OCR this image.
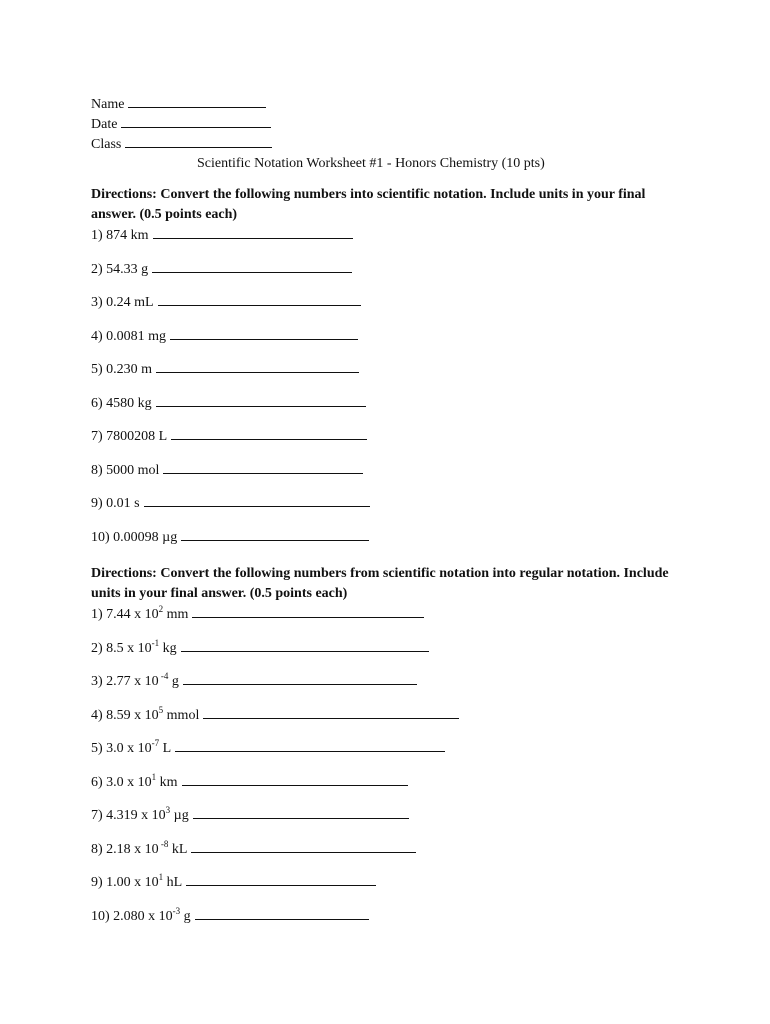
Name
Date
Class
Scientific Notation Worksheet #1 - Honors Chemistry (10 pts)
Directions: Convert the following numbers into scientific notation. Include units in your final answer. (0.5 points each)
1) 874 km
2) 54.33 g
3) 0.24 mL
4) 0.0081 mg
5) 0.230 m
6) 4580 kg
7) 7800208 L
8) 5000 mol
9) 0.01 s
10) 0.00098 µg
Directions: Convert the following numbers from scientific notation into regular notation. Include units in your final answer. (0.5 points each)
1) 7.44 x $10^2$ mm
2) 8.5 x $10^{-1}$ kg
3) 2.77 x 10 $^{-4}$ g
4) 8.59 x $10^5$ mmol
5) 3.0 x $10^{-7}$ L
6) 3.0 x $10^1$ km
7) 4.319 x $10^3$ µg
8) 2.18 x 10 $^{-8}$ kL
9) 1.00 x $10^1$ hL
10) 2.080 x $10^{-3}$ g
